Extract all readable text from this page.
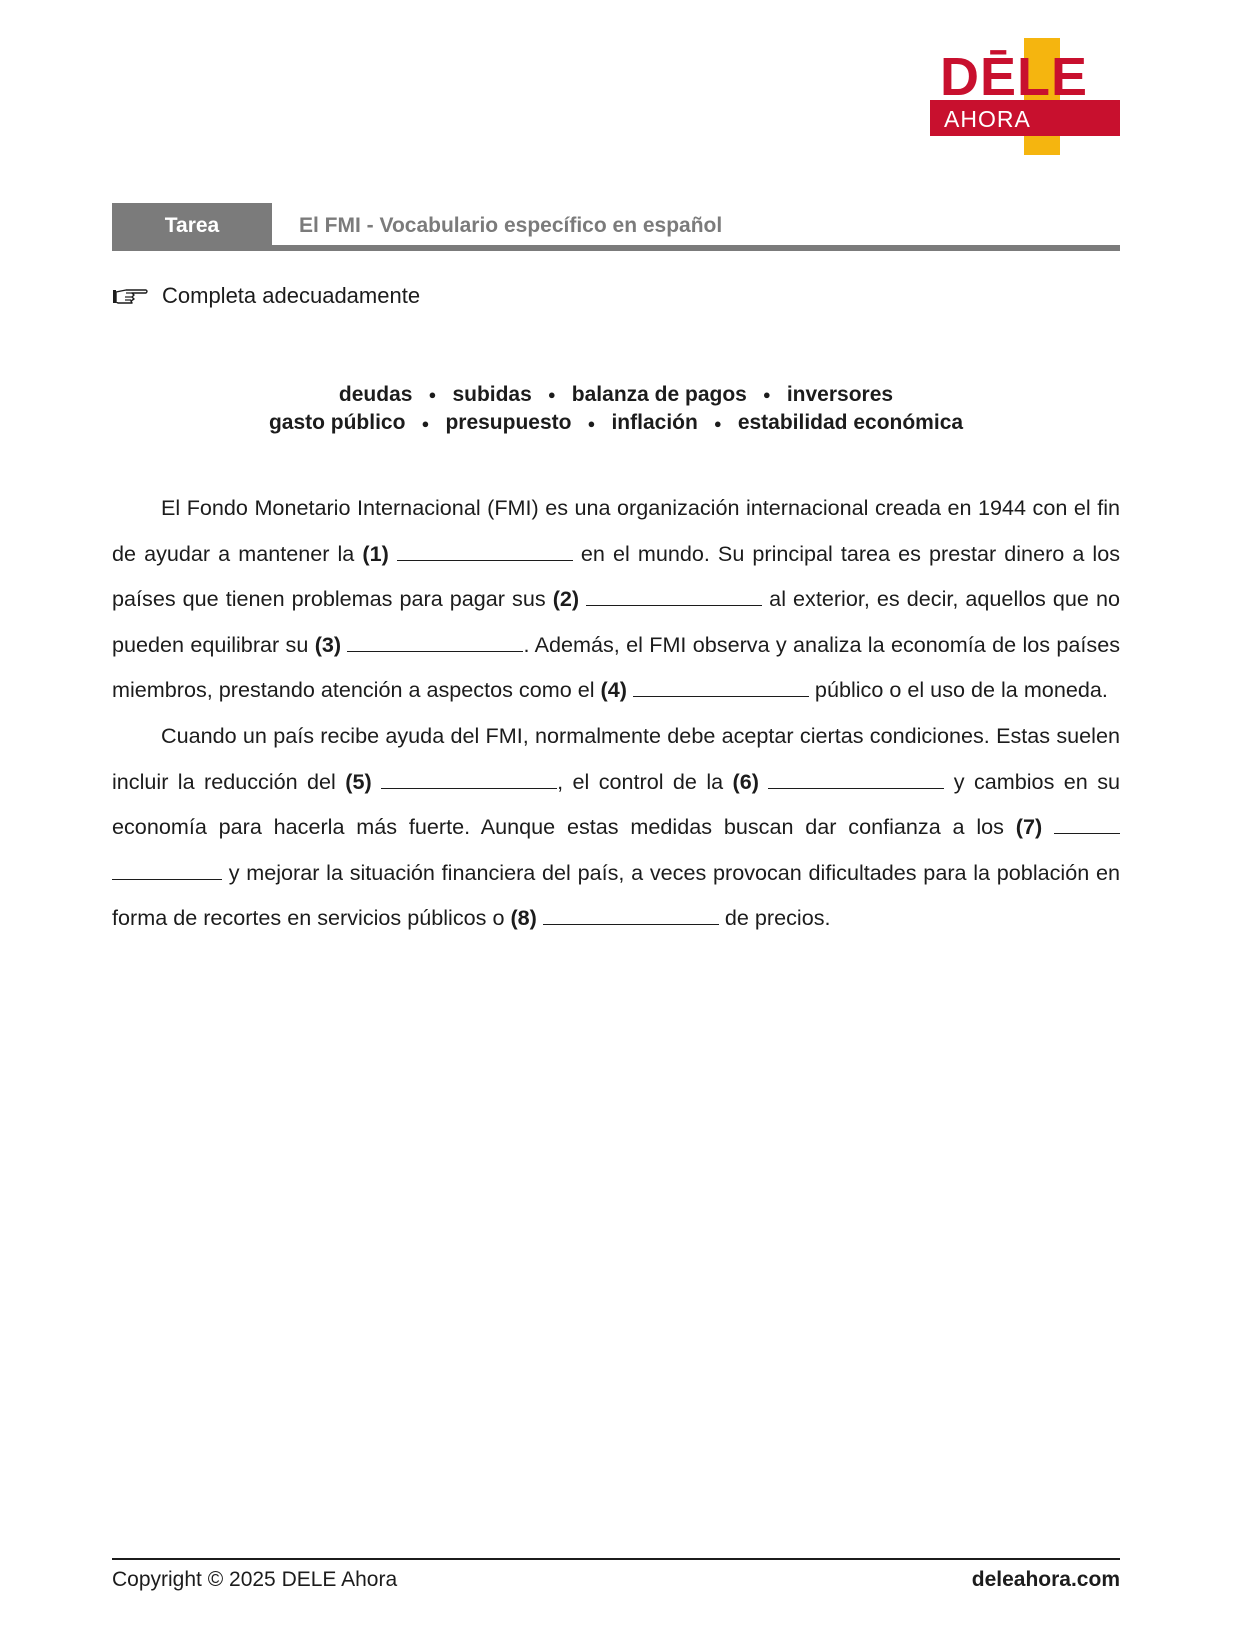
DĒLE
AHORA
Tarea	El FMI - Vocabulario específico en español
Completa adecuadamente
deudas ● subidas ● balanza de pagos ● inversores
gasto público ● presupuesto ● inflación ● estabilidad económica

El Fondo Monetario Internacional (FMI) es una organización internacional creada en 1944 con el fin de ayudar a mantener la (1)	en el mundo. Su principal tarea es prestar dinero a los países que tienen problemas para pagar sus (2)	al exterior, es decir, aquellos que no pueden equilibrar su (3)	. Además, el FMI observa y analiza la economía de los países miembros, prestando atención a aspectos como el (4)	público o el uso de la moneda.

Cuando un país recibe ayuda del FMI, normalmente debe aceptar ciertas condiciones. Estas suelen incluir la reducción del (5)	, el control de la (6)	y cambios en su economía para hacerla más fuerte. Aunque estas medidas buscan dar confianza a los (7)   y mejorar la situación financiera del país, a veces provocan dificultades para la población en forma de recortes en servicios públicos o (8)	de precios.

Copyright © 2025 DELE Ahora	deleahora.com
